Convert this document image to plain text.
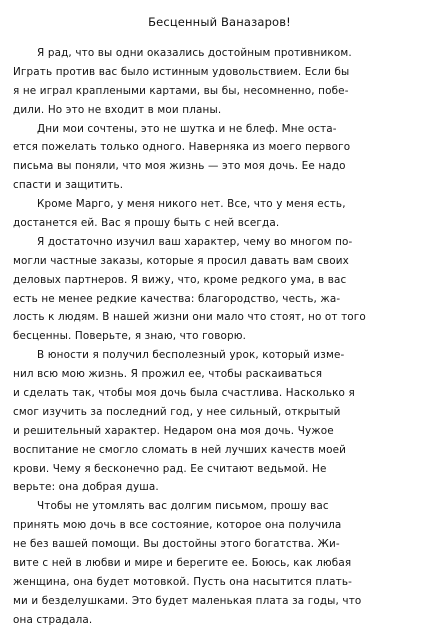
Бесценный Ваназаров!
Я рад, что вы одни оказались достойным противником.
Играть против вас было истинным удовольствием. Если бы
я не играл краплеными картами, вы бы, несомненно, побе-
дили. Но это не входит в мои планы.
Дни мои сочтены, это не шутка и не блеф. Мне оста-
ется пожелать только одного. Наверняка из моего первого
письма вы поняли, что моя жизнь — это моя дочь. Ее надо
спасти и защитить.
Кроме Марго, у меня никого нет. Все, что у меня есть,
достанется ей. Вас я прошу быть с ней всегда.
Я достаточно изучил ваш характер, чему во многом по-
могли частные заказы, которые я просил давать вам своих
деловых партнеров. Я вижу, что, кроме редкого ума, в вас
есть не менее редкие качества: благородство, честь, жа-
лость к людям. В нашей жизни они мало что стоят, но от того
бесценны. Поверьте, я знаю, что говорю.
В юности я получил бесполезный урок, который изме-
нил всю мою жизнь. Я прожил ее, чтобы раскаиваться
и сделать так, чтобы моя дочь была счастлива. Насколько я
смог изучить за последний год, у нее сильный, открытый
и решительный характер. Недаром она моя дочь. Чужое
воспитание не смогло сломать в ней лучших качеств моей
крови. Чему я бесконечно рад. Ее считают ведьмой. Не
верьте: она добрая душа.
Чтобы не утомлять вас долгим письмом, прошу вас
принять мою дочь в все состояние, которое она получила
не без вашей помощи. Вы достойны этого богатства. Жи-
вите с ней в любви и мире и берегите ее. Боюсь, как любая
женщина, она будет мотовкой. Пусть она насытится плать-
ми и безделушками. Это будет маленькая плата за годы, что
она страдала.
